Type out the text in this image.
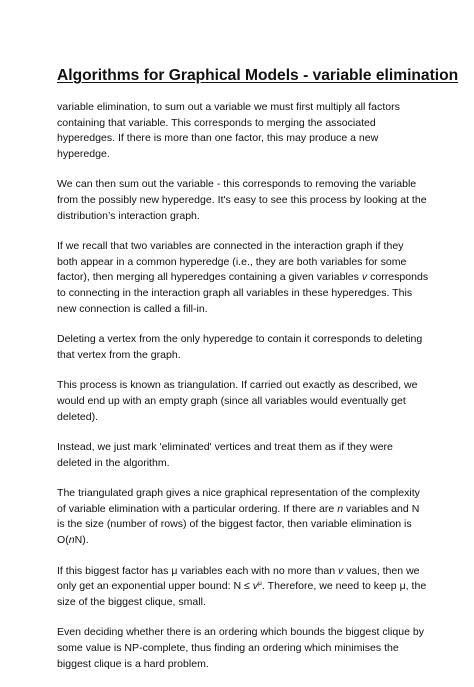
Algorithms for Graphical Models - variable elimination

variable elimination, to sum out a variable we must first multiply all factors
containing that variable. This corresponds to merging the associated
hyperedges. If there is more than one factor, this may produce a new
hyperedge.

We can then sum out the variable - this corresponds to removing the variable
from the possibly new hyperedge. It's easy to see this process by looking at the
distribution’s interaction graph.

If we recall that two variables are connected in the interaction graph if they
both appear in a common hyperedge (i.e., they are both variables for some
factor), then merging all hyperedges containing a given variables v corresponds
to connecting in the interaction graph all variables in these hyperedges. This
new connection is called a fill-in.

Deleting a vertex from the only hyperedge to contain it corresponds to deleting
that vertex from the graph.

This process is known as triangulation. If carried out exactly as described, we
would end up with an empty graph (since all variables would eventually get
deleted).

Instead, we just mark 'eliminated' vertices and treat them as if they were
deleted in the algorithm.

The triangulated graph gives a nice graphical representation of the complexity
of variable elimination with a particular ordering. If there are n variables and N
is the size (number of rows) of the biggest factor, then variable elimination is
O(nN).

If this biggest factor has μ variables each with no more than v values, then we
only get an exponential upper bound: $N \le v^\mu$. Therefore, we need to keep μ, the
size of the biggest clique, small.

Even deciding whether there is an ordering which bounds the biggest clique by
some value is NP-complete, thus finding an ordering which minimises the
biggest clique is a hard problem.
